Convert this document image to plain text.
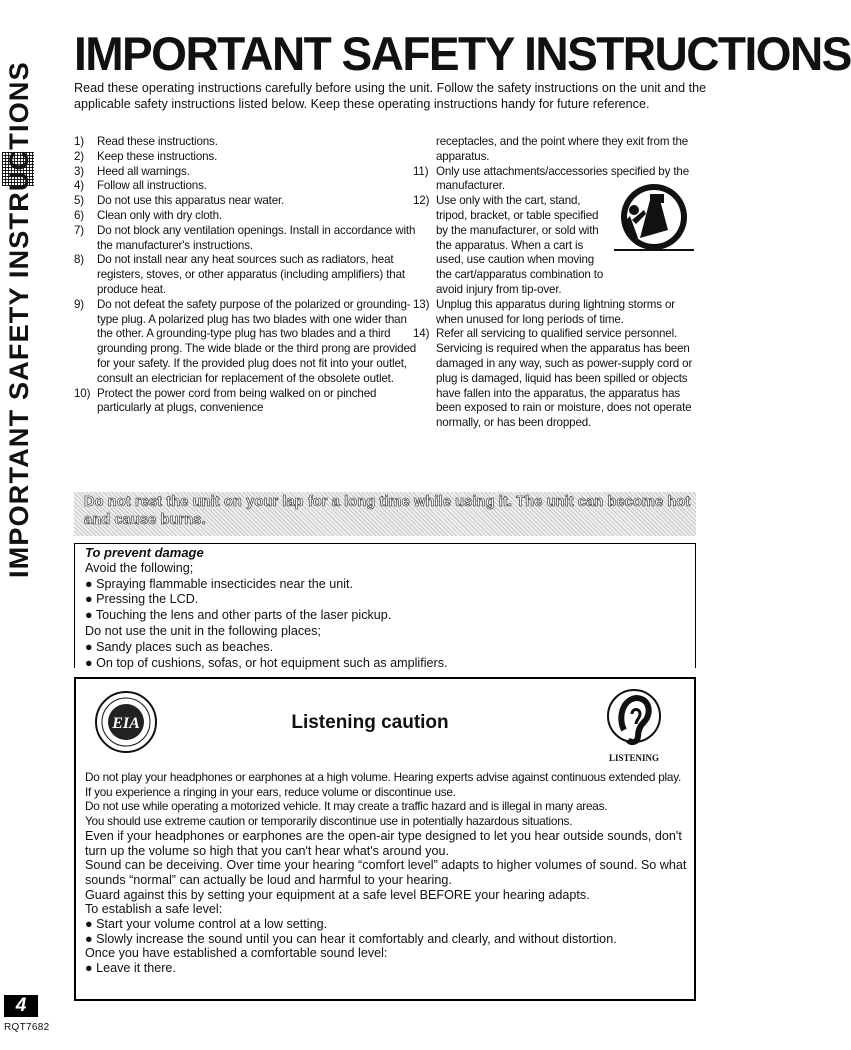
IMPORTANT SAFETY INSTRUCTIONS
Read these operating instructions carefully before using the unit. Follow the safety instructions on the unit and the applicable safety instructions listed below. Keep these operating instructions handy for future reference.
IMPORTANT SAFETY INSTRUCTIONS	1)	Read these instructions.
2)	Keep these instructions.
3)	Heed all warnings.
4)	Follow all instructions.
5)	Do not use this apparatus near water.
6)	Clean only with dry cloth.
7)	Do not block any ventilation openings. Install in accordance with the manufacturer's instructions.
8)	Do not install near any heat sources such as radiators, heat registers, stoves, or other apparatus (including amplifiers) that produce heat.
9)	Do not defeat the safety purpose of the polarized or grounding-type plug. A polarized plug has two blades with one wider than the other. A grounding-type plug has two blades and a third grounding prong. The wide blade or the third prong are provided for your safety. If the provided plug does not fit into your outlet, consult an electrician for replacement of the obsolete outlet.
10) Protect the power cord from being walked on or pinched particularly at plugs, convenience
receptacles, and the point where they exit from the apparatus.
11) Only use attachments/accessories specified by the manufacturer.
12) Use only with the cart, stand, tripod, bracket, or table specified by the manufacturer, or sold with the apparatus. When a cart is used, use caution when moving the cart/apparatus combination to avoid injury from tip-over.
13) Unplug this apparatus during lightning storms or when unused for long periods of time.
14) Refer all servicing to qualified service personnel. Servicing is required when the apparatus has been damaged in any way, such as power-supply cord or plug is damaged, liquid has been spilled or objects have fallen into the apparatus, the apparatus has been exposed to rain or moisture, does not operate normally, or has been dropped.
Do not rest the unit on your lap for a long time while using it. The unit can become hot and cause burns.
To prevent damage
Avoid the following;
● Spraying flammable insecticides near the unit.
● Pressing the LCD.
● Touching the lens and other parts of the laser pickup.
Do not use the unit in the following places;
● Sandy places such as beaches.
● On top of cushions, sofas, or hot equipment such as amplifiers.
EIA	Listening caution
LISTENING
Do not play your headphones or earphones at a high volume. Hearing experts advise against continuous extended play.
If you experience a ringing in your ears, reduce volume or discontinue use.
Do not use while operating a motorized vehicle. It may create a traffic hazard and is illegal in many areas.
You should use extreme caution or temporarily discontinue use in potentially hazardous situations.
Even if your headphones or earphones are the open-air type designed to let you hear outside sounds, don't turn up the volume so high that you can't hear what's around you.
Sound can be deceiving. Over time your hearing “comfort level” adapts to higher volumes of sound. So what sounds “normal” can actually be loud and harmful to your hearing.
Guard against this by setting your equipment at a safe level BEFORE your hearing adapts.
To establish a safe level:
● Start your volume control at a low setting.
● Slowly increase the sound until you can hear it comfortably and clearly, and without distortion.
Once you have established a comfortable sound level:
● Leave it there.
4
RQT7682
